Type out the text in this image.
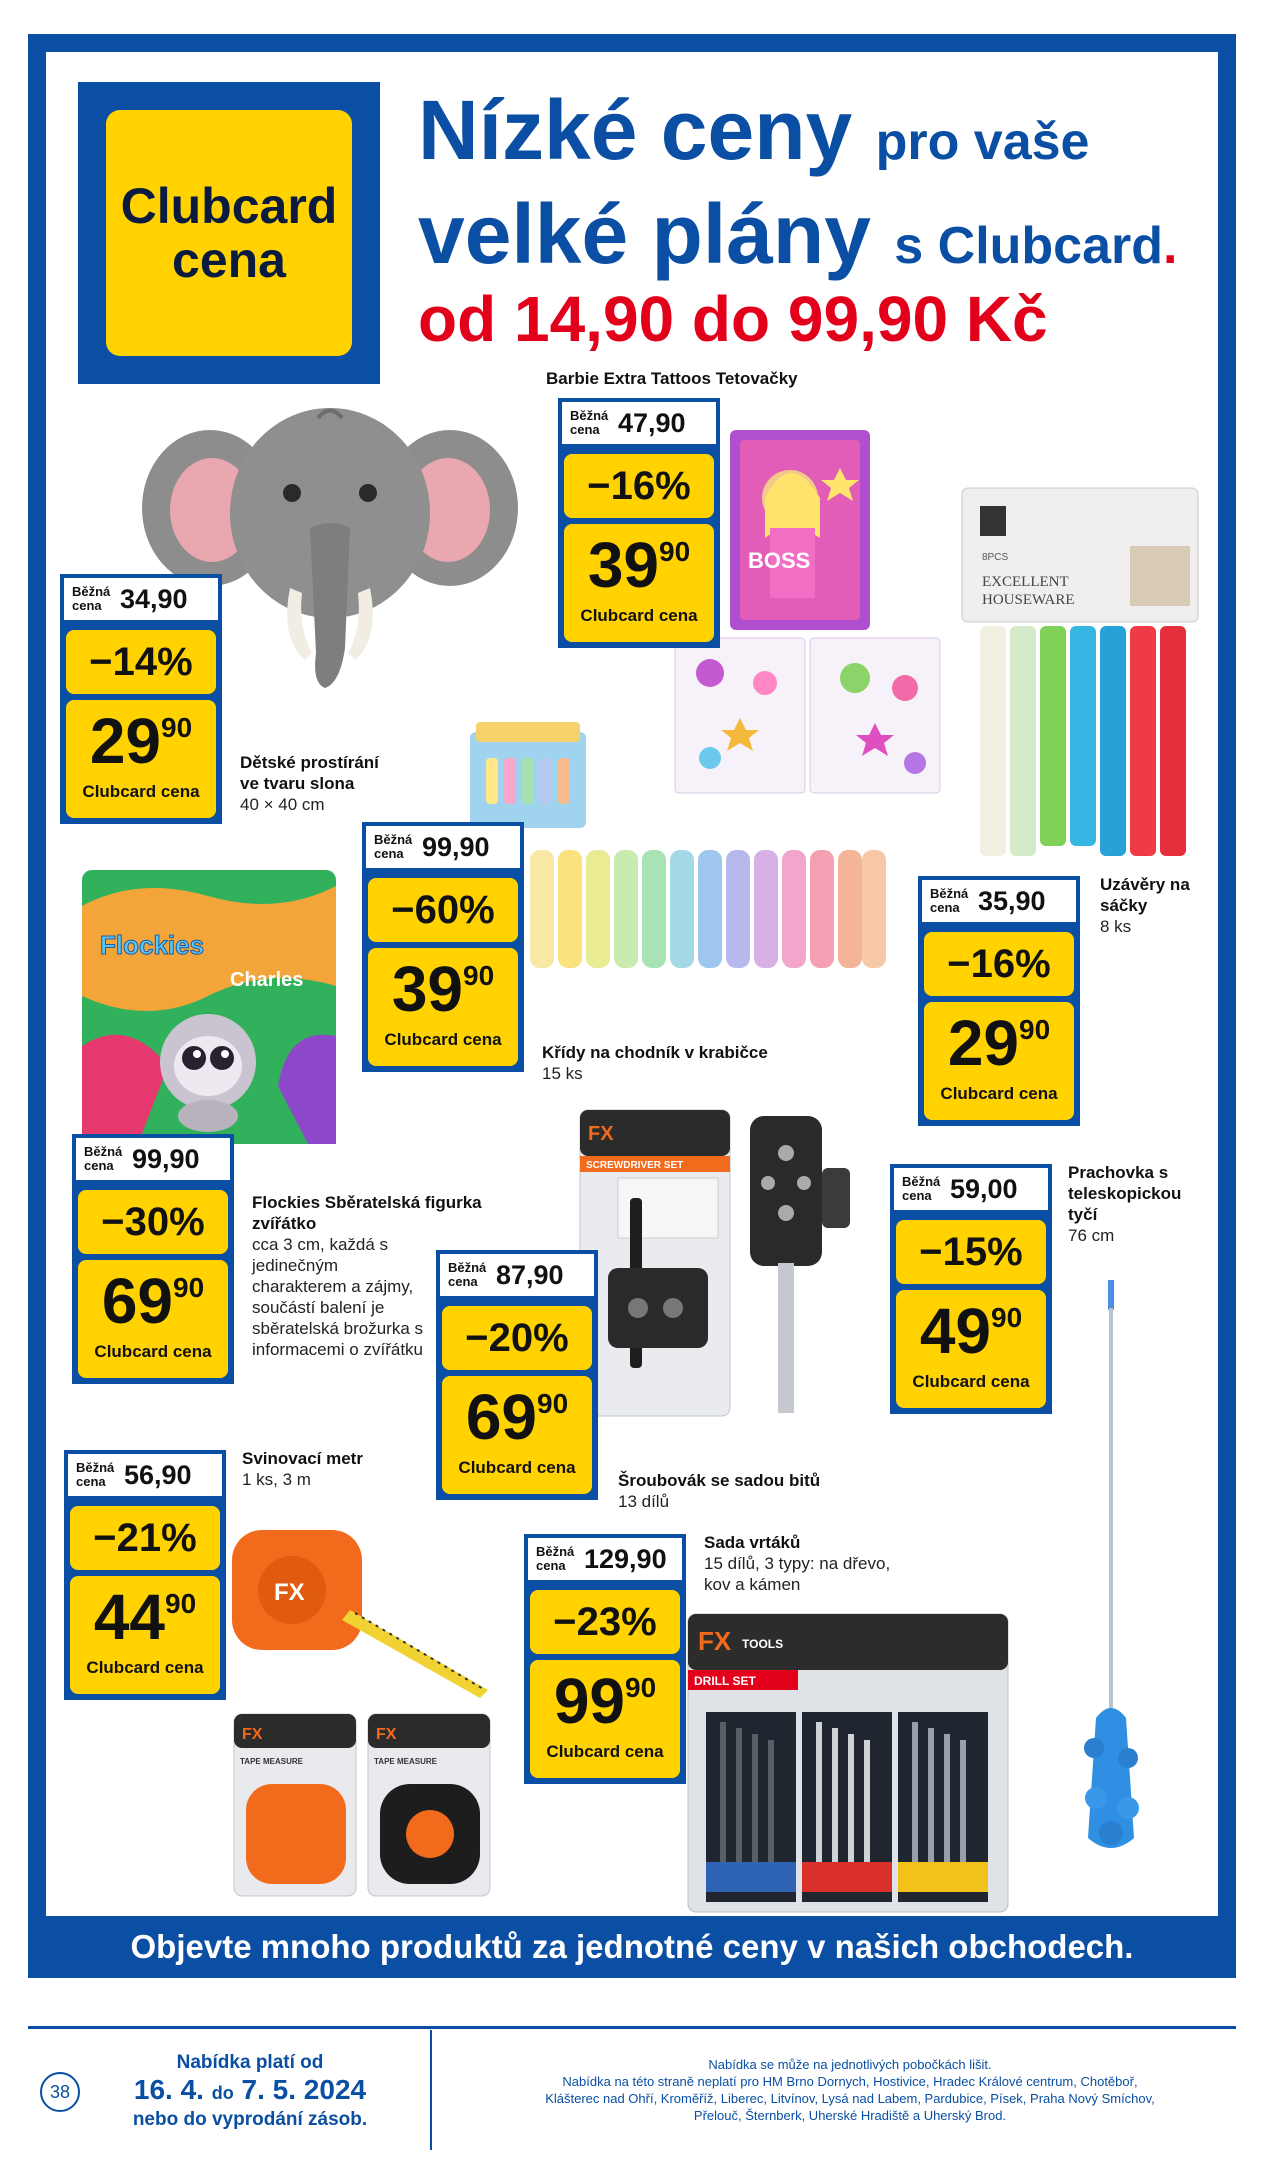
Clubcard
cena
Nízké ceny pro vaše
velké plány s Clubcard.
od 14,90 do 99,90 Kč
BOSS	8PCS
EXCELLENT
HOUSEWARE
Flockies
Charles
FX
SCREWDRIVER SET
FX
FX
TAPE MEASURE
FX
TAPE MEASURE
FX TOOLS
DRILL SET
Běžná
cena 34,90
−14%
2990
Clubcard cena
Běžná
cena 47,90
−16%
3990
Clubcard cena
Běžná
cena 99,90
−60%
3990
Clubcard cena
Běžná
cena 35,90
−16%
2990
Clubcard cena
Běžná
cena 99,90
−30%
6990
Clubcard cena
Běžná
cena 59,00
−15%
4990
Clubcard cena
Běžná
cena 87,90
−20%
6990
Clubcard cena
Běžná
cena 56,90
−21%
4490
Clubcard cena
Běžná
cena 129,90
−23%
9990
Clubcard cena
Dětské prostírání ve tvaru slona
40 × 40 cm
Barbie Extra Tattoos Tetovačky
Křídy na chodník v krabičce
15 ks
Uzávěry na sáčky
8 ks
Flockies Sběratelská figurka zvířátko
cca 3 cm, každá s jedinečným charakterem a zájmy, součástí balení je sběratelská brožurka s informacemi o zvířátku
Prachovka s teleskopickou tyčí
76 cm
Šroubovák se sadou bitů
13 dílů
Svinovací metr
1 ks, 3 m
Sada vrtáků
15 dílů, 3 typy: na dřevo, kov a kámen
Objevte mnoho produktů za jednotné ceny v našich obchodech.
38
Nabídka platí od
16. 4. do 7. 5. 2024
nebo do vyprodání zásob.
Nabídka se může na jednotlivých pobočkách lišit.
Nabídka na této straně neplatí pro HM Brno Dornych, Hostivice, Hradec Králové centrum, Chotěboř,
Klášterec nad Ohří, Kroměříž, Liberec, Litvínov, Lysá nad Labem, Pardubice, Písek, Praha Nový Smíchov,
Přelouč, Šternberk, Uherské Hradiště a Uherský Brod.
